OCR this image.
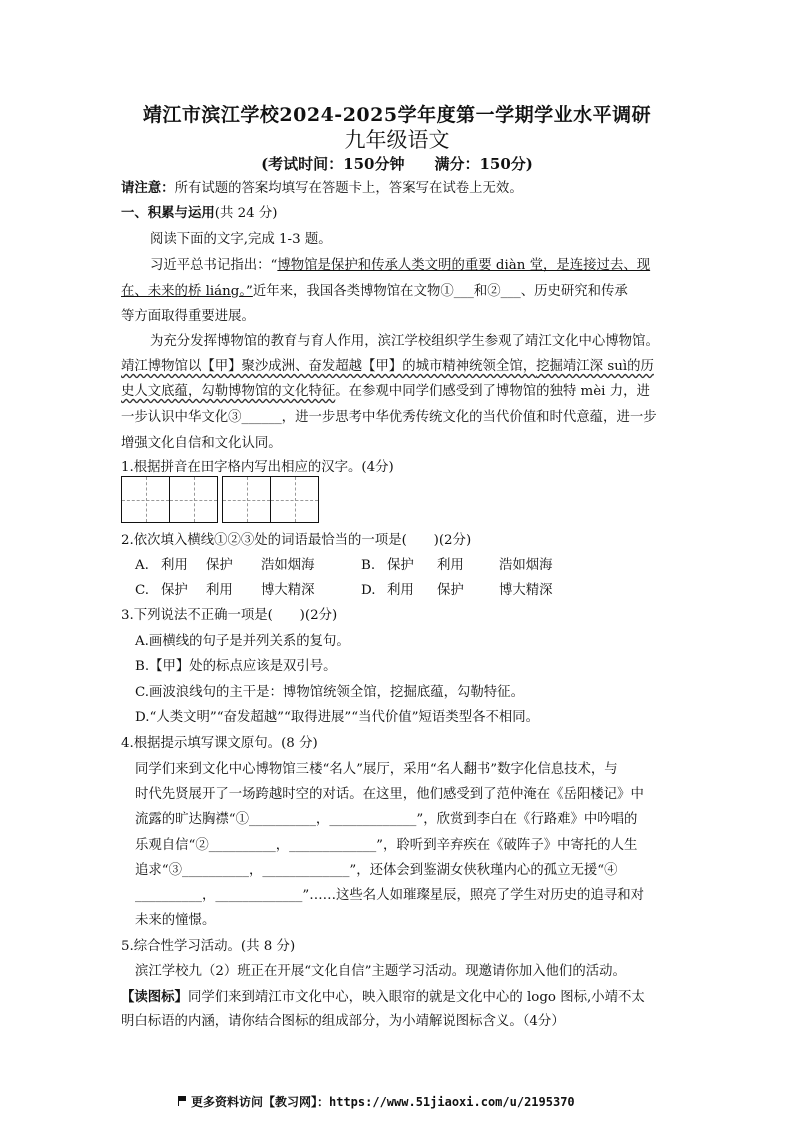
靖江市滨江学校2024-2025学年度第一学期学业水平调研
九年级语文
(考试时间：150分钟　　满分：150分)
请注意：所有试题的答案均填写在答题卡上，答案写在试卷上无效。
一、积累与运用(共 24 分)
阅读下面的文字,完成 1-3 题。
习近平总书记指出：“博物馆是保护和传承人类文明的重要 diàn 堂，是连接过去、现
在、未来的桥 liáng。”近年来，我国各类博物馆在文物①___和②___、历史研究和传承
等方面取得重要进展。
为充分发挥博物馆的教育与育人作用，滨江学校组织学生参观了靖江文化中心博物馆。
靖江博物馆以【甲】聚沙成洲、奋发超越【甲】的城市精神统领全馆，挖掘靖江深 suì的历
史人文底蕴，勾勒博物馆的文化特征。在参观中同学们感受到了博物馆的独特 mèi 力，进
一步认识中华文化③______，进一步思考中华优秀传统文化的当代价值和时代意蕴，进一步
增强文化自信和文化认同。
1.根据拼音在田字格内写出相应的汉字。(4分)
2.依次填入横线①②③处的词语最恰当的一项是(　　)(2分)
A. 利用 保护 浩如烟海	B. 保护 利用	浩如烟海
C. 保护 利用 博大精深	D. 利用 保护	博大精深
3.下列说法不正确一项是(　　)(2分)
A.画横线的句子是并列关系的复句。
B.【甲】处的标点应该是双引号。
C.画波浪线句的主干是：博物馆统领全馆，挖掘底蕴，勾勒特征。
D.“人类文明”“奋发超越”“取得进展”“当代价值”短语类型各不相同。
4.根据提示填写课文原句。(8 分)
同学们来到文化中心博物馆三楼“名人”展厅，采用“名人翻书”数字化信息技术，与
时代先贤展开了一场跨越时空的对话。在这里，他们感受到了范仲淹在《岳阳楼记》中
流露的旷达胸襟“①__________，_____________”，欣赏到李白在《行路难》中吟唱的
乐观自信“②__________，_____________”，聆听到辛弃疾在《破阵子》中寄托的人生
追求“③__________，_____________”，还体会到鉴湖女侠秋瑾内心的孤立无援“④
__________，_____________”……这些名人如璀璨星辰，照亮了学生对历史的追寻和对
未来的憧憬。
5.综合性学习活动。(共 8 分)
滨江学校九（2）班正在开展“文化自信”主题学习活动。现邀请你加入他们的活动。
【读图标】同学们来到靖江市文化中心，映入眼帘的就是文化中心的 logo 图标,小靖不太
明白标语的内涵，请你结合图标的组成部分，为小靖解说图标含义。（4分）
更多资料访问【教习网】：https://www.51jiaoxi.com/u/2195370
